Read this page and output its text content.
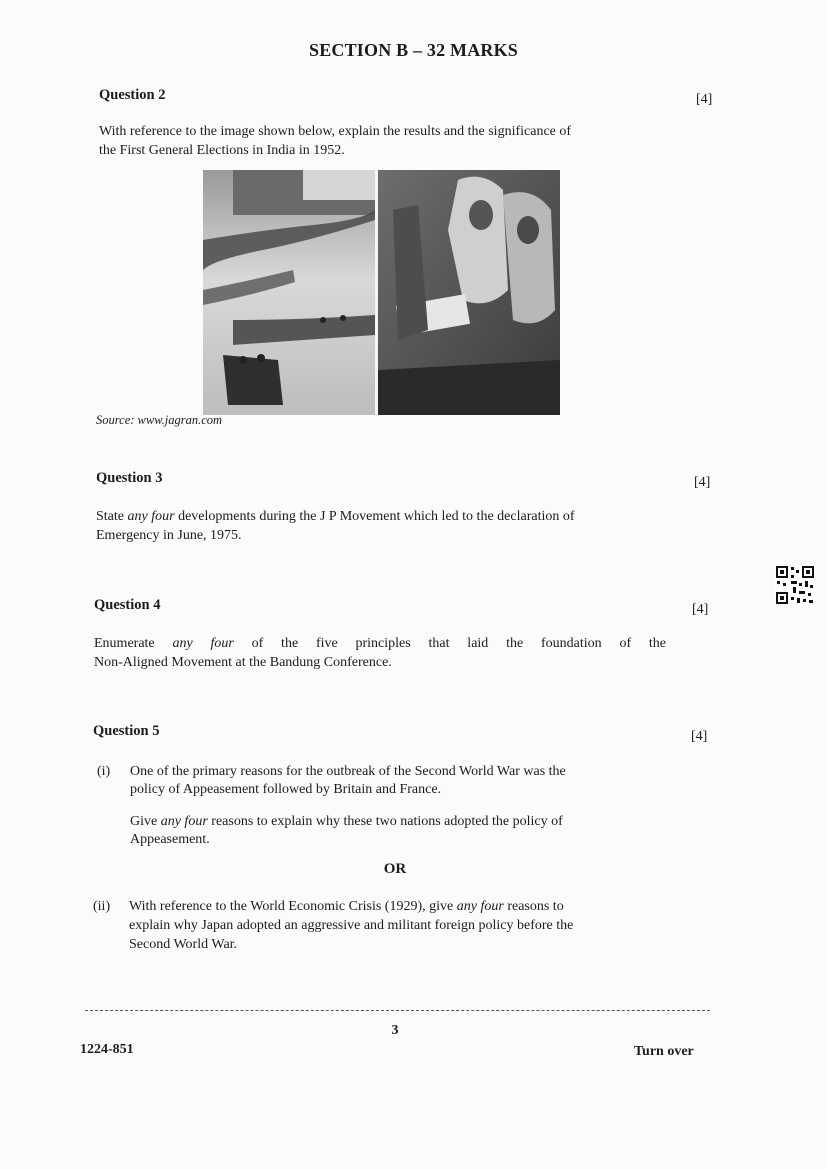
SECTION B – 32 MARKS
Question 2	[4]
With reference to the image shown below, explain the results and the significance of
the First General Elections in India in 1952.
Source: www.jagran.com
Question 3	[4]
State any four developments during the J P Movement which led to the declaration of
Emergency in June, 1975.
Question 4	[4]
Enumerate any four of the five principles that laid the foundation of the
Non-Aligned Movement at the Bandung Conference.
Question 5	[4]
(i) One of the primary reasons for the outbreak of the Second World War was the
policy of Appeasement followed by Britain and France.
Give any four reasons to explain why these two nations adopted the policy of
Appeasement.
OR
(ii) With reference to the World Economic Crisis (1929), give any four reasons to
explain why Japan adopted an aggressive and militant foreign policy before the
Second World War.
3
1224-851	Turn over
